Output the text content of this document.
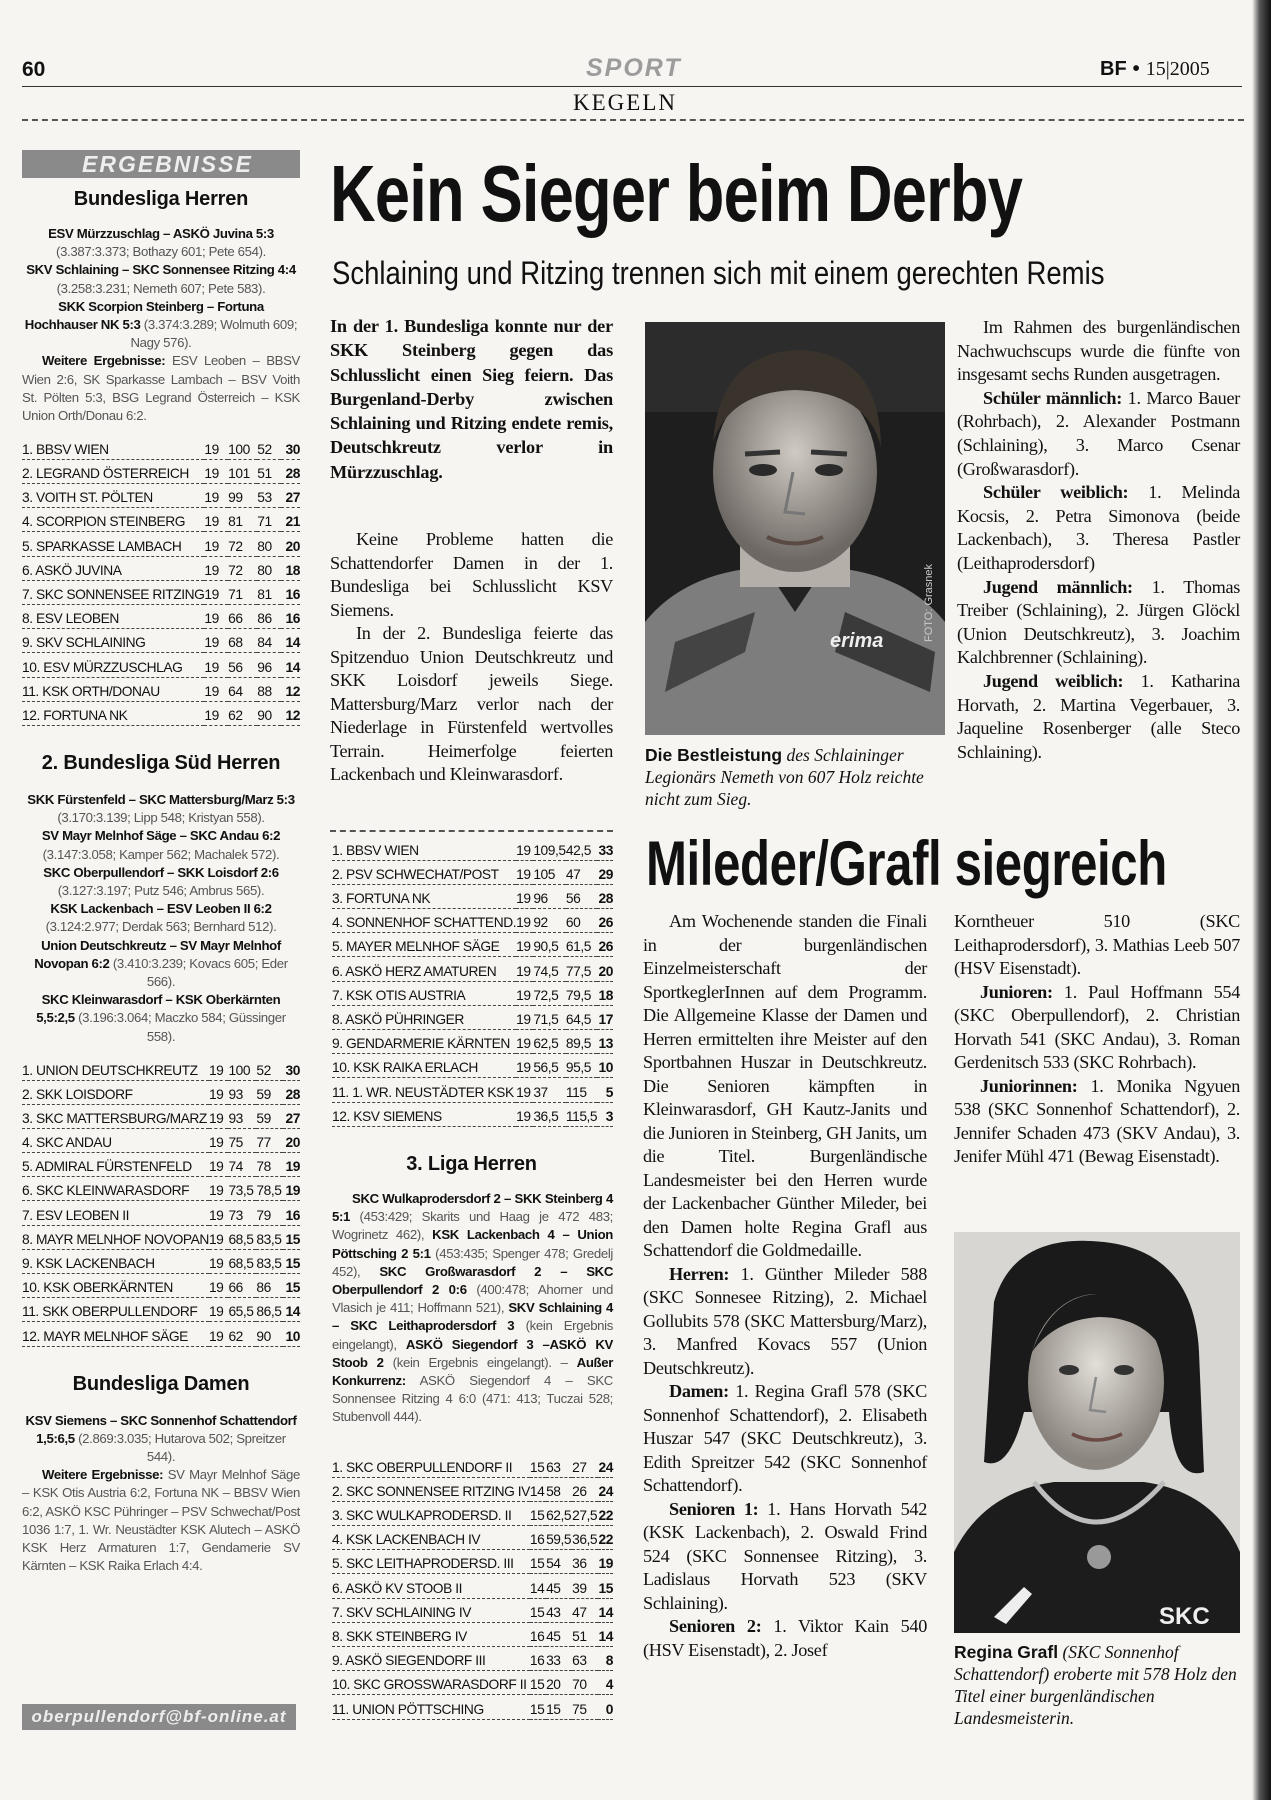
60	SPORT	BF • 15|2005
KEGELN
ERGEBNISSE
Bundesliga Herren
ESV Mürzzuschlag – ASKÖ Juvina 5:3 (3.387:3.373; Bothazy 601; Pete 654).
SKV Schlaining – SKC Sonnensee Ritzing 4:4 (3.258:3.231; Nemeth 607; Pete 583).
SKK Scorpion Steinberg – Fortuna Hochhauser NK 5:3 (3.374:3.289; Wolmuth 609; Nagy 576).
Weitere Ergebnisse: ESV Leoben – BBSV Wien 2:6, SK Sparkasse Lambach – BSV Voith St. Pölten 5:3, BSG Legrand Österreich – KSK Union Orth/Donau 6:2.
1. BBSV WIEN	19	100	52	30
2. LEGRAND ÖSTERREICH	19	101	51	28
3. VOITH ST. PÖLTEN	19	99	53	27
4. SCORPION STEINBERG	19	81	71	21
5. SPARKASSE LAMBACH	19	72	80	20
6. ASKÖ JUVINA	19	72	80	18
7. SKC SONNENSEE RITZING	19	71	81	16
8. ESV LEOBEN	19	66	86	16
9. SKV SCHLAINING	19	68	84	14
10. ESV MÜRZZUSCHLAG	19	56	96	14
11. KSK ORTH/DONAU	19	64	88	12
12. FORTUNA NK	19	62	90	12
2. Bundesliga Süd Herren
SKK Fürstenfeld – SKC Mattersburg/Marz 5:3 (3.170:3.139; Lipp 548; Kristyan 558).
SV Mayr Melnhof Säge – SKC Andau 6:2 (3.147:3.058; Kamper 562; Machalek 572).
SKC Oberpullendorf – SKK Loisdorf 2:6 (3.127:3.197; Putz 546; Ambrus 565).
KSK Lackenbach – ESV Leoben II 6:2 (3.124:2.977; Derdak 563; Bernhard 512).
Union Deutschkreutz – SV Mayr Melnhof Novopan 6:2 (3.410:3.239; Kovacs 605; Eder 566).
SKC Kleinwarasdorf – KSK Oberkärnten 5,5:2,5 (3.196:3.064; Maczko 584; Güssinger 558).
1. UNION DEUTSCHKREUTZ	19	100	52	30
2. SKK LOISDORF	19	93	59	28
3. SKC MATTERSBURG/MARZ	19	93	59	27
4. SKC ANDAU	19	75	77	20
5. ADMIRAL FÜRSTENFELD	19	74	78	19
6. SKC KLEINWARASDORF	19	73,5	78,5	19
7. ESV LEOBEN II	19	73	79	16
8. MAYR MELNHOF NOVOPAN	19	68,5	83,5	15
9. KSK LACKENBACH	19	68,5	83,5	15
10. KSK OBERKÄRNTEN	19	66	86	15
11. SKK OBERPULLENDORF	19	65,5	86,5	14
12. MAYR MELNHOF SÄGE	19	62	90	10
Bundesliga Damen
KSV Siemens – SKC Sonnenhof Schattendorf 1,5:6,5 (2.869:3.035; Hutarova 502; Spreitzer 544).
Weitere Ergebnisse: SV Mayr Melnhof Säge – KSK Otis Austria 6:2, Fortuna NK – BBSV Wien 6:2, ASKÖ KSC Pühringer – PSV Schwechat/Post 1036 1:7, 1. Wr. Neustädter KSK Alutech – ASKÖ KSK Herz Armaturen 1:7, Gendamerie SV Kärnten – KSK Raika Erlach 4:4.
oberpullendorf@bf-online.at
Kein Sieger beim Derby
Schlaining und Ritzing trennen sich mit einem gerechten Remis
In der 1. Bundesliga konnte nur der SKK Steinberg gegen das Schlusslicht einen Sieg feiern. Das Burgenland-Derby zwischen Schlaining und Ritzing endete remis, Deutschkreutz verlor in Mürzzuschlag.

Keine Probleme hatten die Schattendorfer Damen in der 1. Bundesliga bei Schlusslicht KSV Siemens.

In der 2. Bundesliga feierte das Spitzenduo Union Deutschkreutz und SKK Loisdorf jeweils Siege. Mattersburg/Marz verlor nach der Niederlage in Fürstenfeld wertvolles Terrain. Heimerfolge feierten Lackenbach und Kleinwarasdorf.

erima	FOTO: Grasnek
Die Bestleistung des Schlaininger Legionärs Nemeth von 607 Holz reichte nicht zum Sieg.

Im Rahmen des burgenländischen Nachwuchscups wurde die fünfte von insgesamt sechs Runden ausgetragen.

Schüler männlich: 1. Marco Bauer (Rohrbach), 2. Alexander Postmann (Schlaining), 3. Marco Csenar (Großwarasdorf).

Schüler weiblich: 1. Melinda Kocsis, 2. Petra Simonova (beide Lackenbach), 3. Theresa Pastler (Leithaprodersdorf)

Jugend männlich: 1. Thomas Treiber (Schlaining), 2. Jürgen Glöckl (Union Deutschkreutz), 3. Joachim Kalchbrenner (Schlaining).

Jugend weiblich: 1. Katharina Horvath, 2. Martina Vegerbauer, 3. Jaqueline Rosenberger (alle Steco Schlaining).

1. BBSV WIEN	19	109,5	42,5	33
2. PSV SCHWECHAT/POST	19	105	47	29
3. FORTUNA NK	19	96	56	28
4. SONNENHOF SCHATTEND.	19	92	60	26
5. MAYER MELNHOF SÄGE	19	90,5	61,5	26
6. ASKÖ HERZ AMATUREN	19	74,5	77,5	20
7. KSK OTIS AUSTRIA	19	72,5	79,5	18
8. ASKÖ PÜHRINGER	19	71,5	64,5	17
9. GENDARMERIE KÄRNTEN	19	62,5	89,5	13
10. KSK RAIKA ERLACH	19	56,5	95,5	10
11. 1. WR. NEUSTÄDTER KSK	19	37	115	5
12. KSV SIEMENS	19	36,5	115,5	3
3. Liga Herren
SKC Wulkaprodersdorf 2 – SKK Steinberg 4 5:1 (453:429; Skarits und Haag je 472 483; Wogrinetz 462), KSK Lackenbach 4 – Union Pöttsching 2 5:1 (453:435; Spenger 478; Gredelj 452), SKC Großwarasdorf 2 – SKC Oberpullendorf 2 0:6 (400:478; Ahorner und Vlasich je 411; Hoffmann 521), SKV Schlaining 4 – SKC Leithaprodersdorf 3 (kein Ergebnis eingelangt), ASKÖ Siegendorf 3 –ASKÖ KV Stoob 2 (kein Ergebnis eingelangt). – Außer Konkurrenz: ASKÖ Siegendorf 4 – SKC Sonnensee Ritzing 4 6:0 (471: 413; Tuczai 528; Stubenvoll 444).
1. SKC OBERPULLENDORF II	15	63	27	24
2. SKC SONNENSEE RITZING IV	14	58	26	24
3. SKC WULKAPRODERSD. II	15	62,5	27,5	22
4. KSK LACKENBACH IV	16	59,5	36,5	22
5. SKC LEITHAPRODERSD. III	15	54	36	19
6. ASKÖ KV STOOB II	14	45	39	15
7. SKV SCHLAINING IV	15	43	47	14
8. SKK STEINBERG IV	16	45	51	14
9. ASKÖ SIEGENDORF III	16	33	63	8
10. SKC GROSSWARASDORF II	15	20	70	4
11. UNION PÖTTSCHING	15	15	75	0
Mileder/Grafl siegreich

Am Wochenende standen die Finali in der burgenländischen Einzelmeisterschaft der SportkeglerInnen auf dem Programm. Die Allgemeine Klasse der Damen und Herren ermittelten ihre Meister auf den Sportbahnen Huszar in Deutschkreutz. Die Senioren kämpften in Kleinwarasdorf, GH Kautz-Janits und die Junioren in Steinberg, GH Janits, um die Titel. Burgenländische Landesmeister bei den Herren wurde der Lackenbacher Günther Mileder, bei den Damen holte Regina Grafl aus Schattendorf die Goldmedaille.

Herren: 1. Günther Mileder 588 (SKC Sonnesee Ritzing), 2. Michael Gollubits 578 (SKC Mattersburg/Marz), 3. Manfred Kovacs 557 (Union Deutschkreutz).

Damen: 1. Regina Grafl 578 (SKC Sonnenhof Schattendorf), 2. Elisabeth Huszar 547 (SKC Deutschkreutz), 3. Edith Spreitzer 542 (SKC Sonnenhof Schattendorf).

Senioren 1: 1. Hans Horvath 542 (KSK Lackenbach), 2. Oswald Frind 524 (SKC Sonnensee Ritzing), 3. Ladislaus Horvath 523 (SKV Schlaining).

Senioren 2: 1. Viktor Kain 540 (HSV Eisenstadt), 2. Josef

Korntheuer 510 (SKC Leithaprodersdorf), 3. Mathias Leeb 507 (HSV Eisenstadt).

Junioren: 1. Paul Hoffmann 554 (SKC Oberpullendorf), 2. Christian Horvath 541 (SKC Andau), 3. Roman Gerdenitsch 533 (SKC Rohrbach).

Juniorinnen: 1. Monika Ngyuen 538 (SKC Sonnenhof Schattendorf), 2. Jennifer Schaden 473 (SKV Andau), 3. Jenifer Mühl 471 (Bewag Eisenstadt).

SKC
Regina Grafl (SKC Sonnenhof Schattendorf) eroberte mit 578 Holz den Titel einer burgenländischen Landesmeisterin.
